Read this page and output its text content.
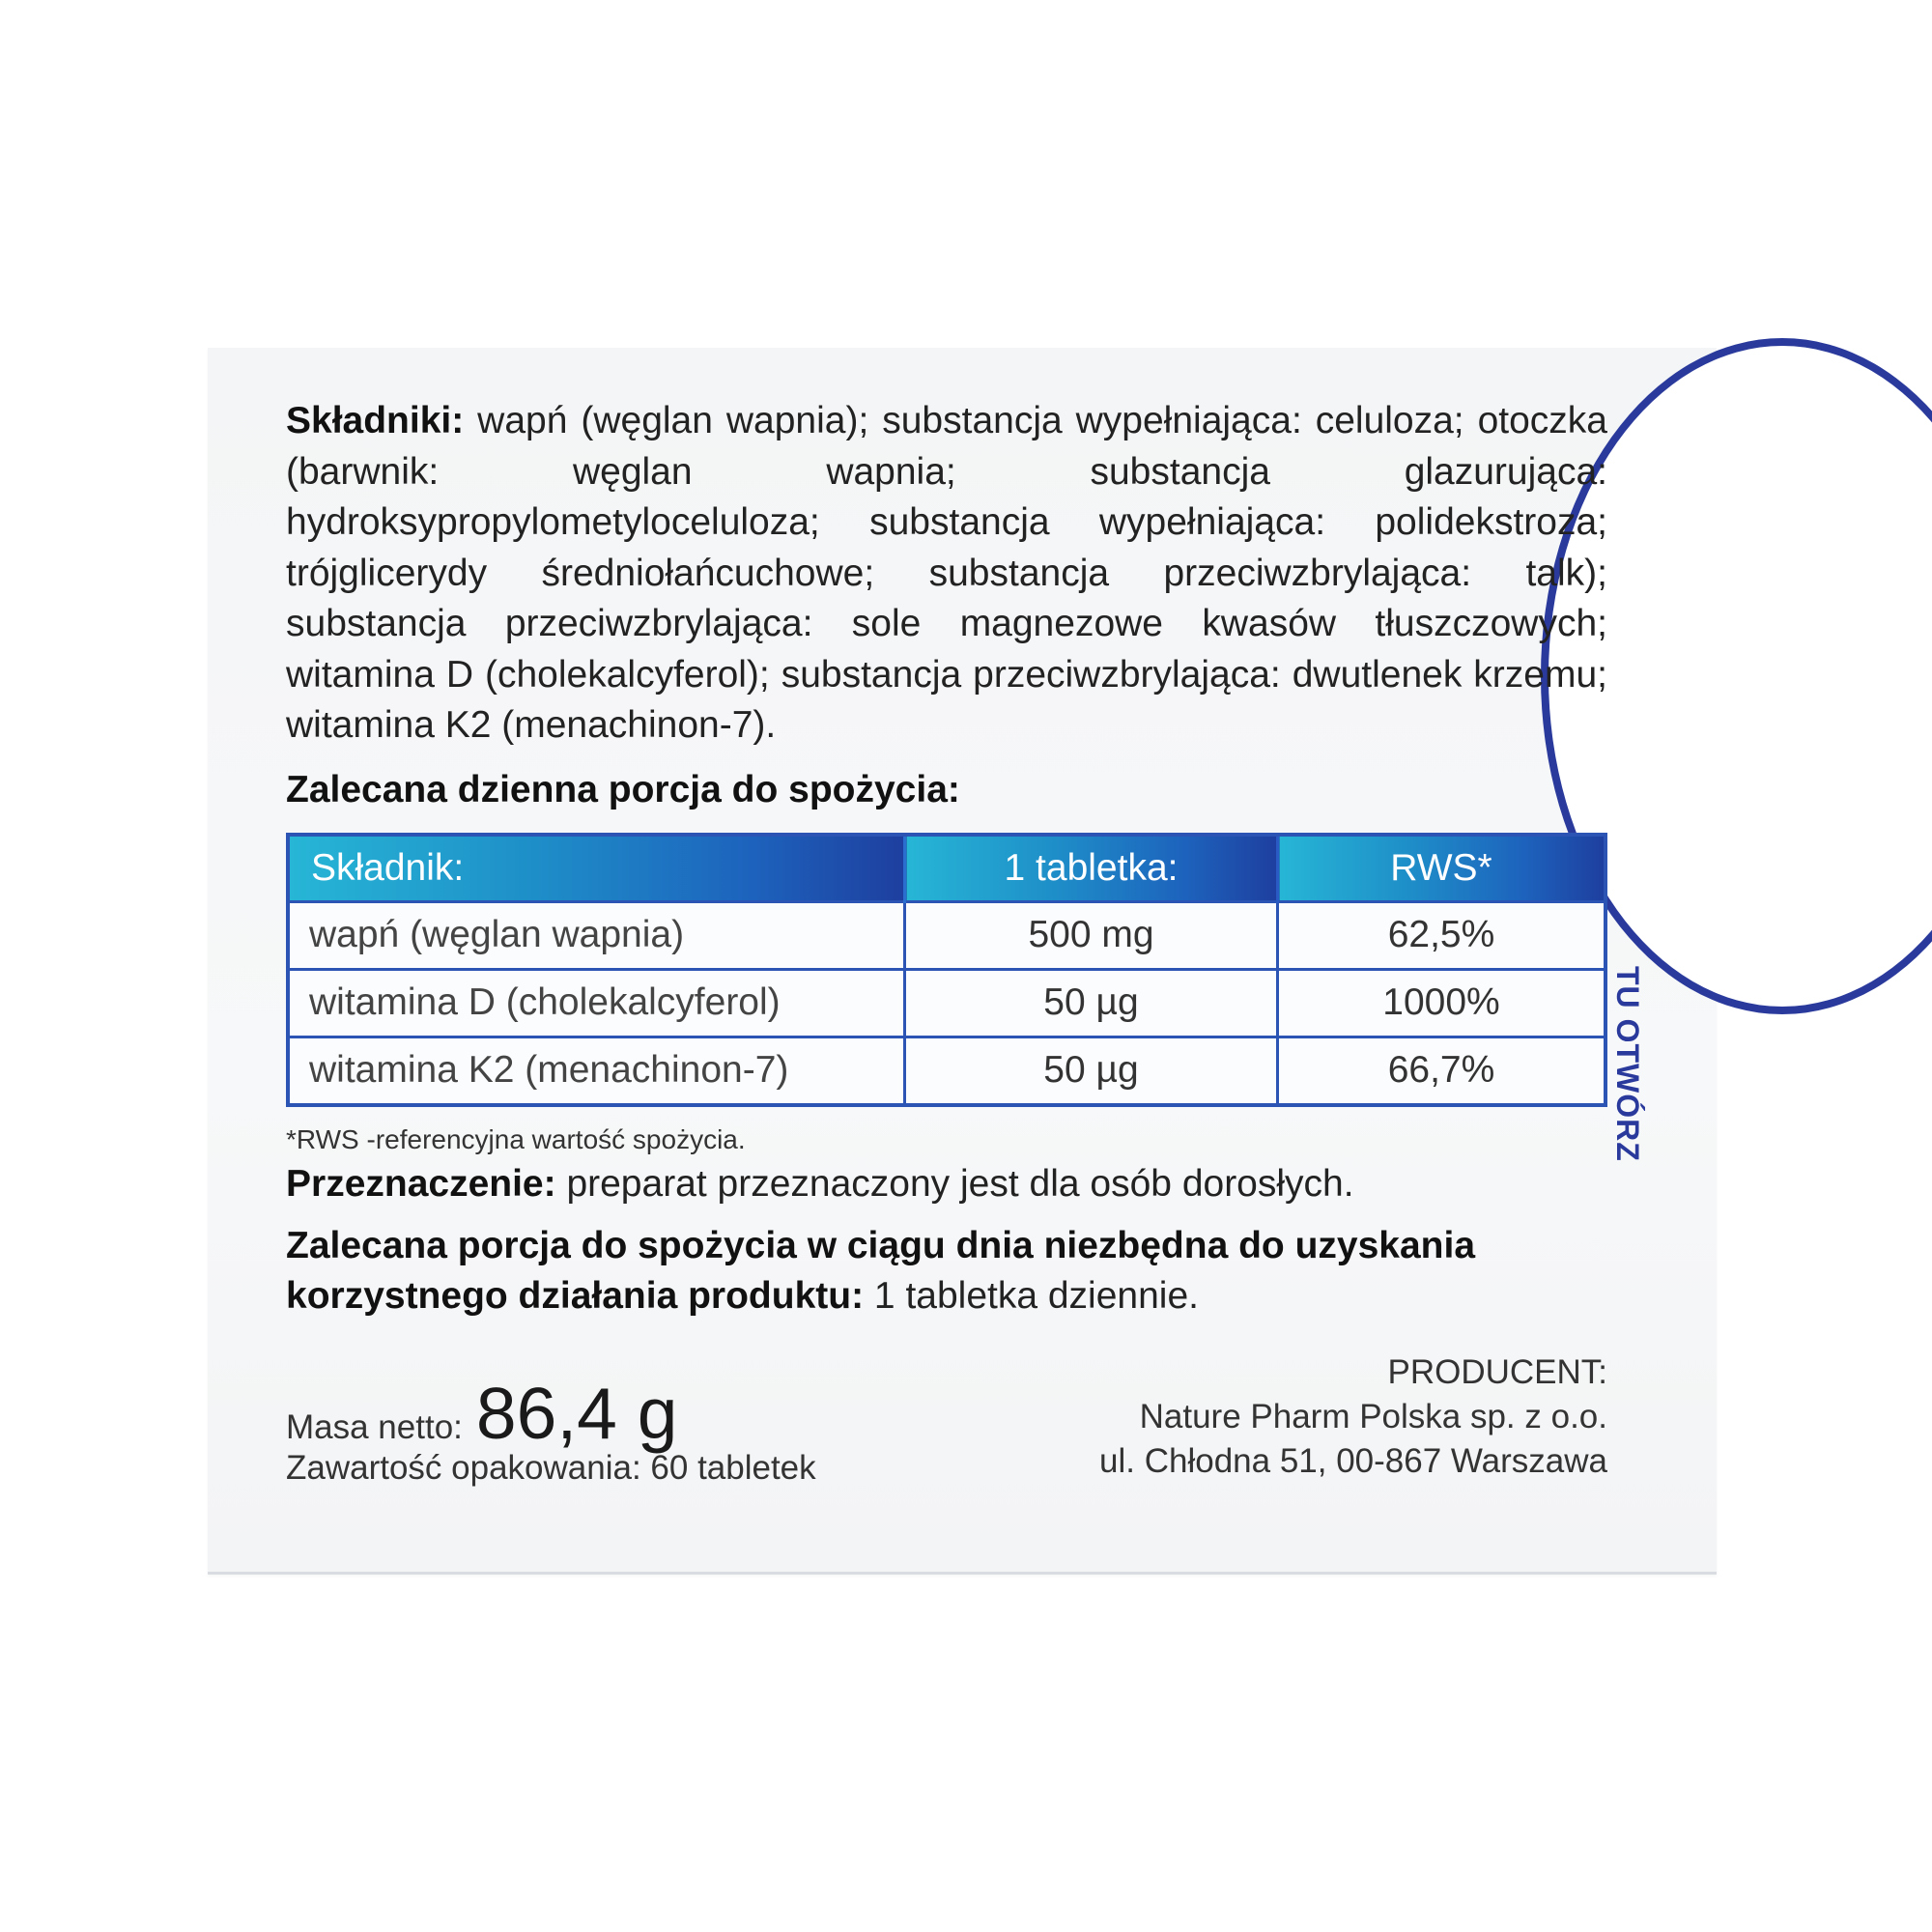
Składniki: wapń (węglan wapnia); substancja wypełniająca: celuloza; otoczka (barwnik: węglan wapnia; substancja glazurująca: hydroksypropylometyloceluloza; substancja wypełniająca: polidekstroza; trójglicerydy średniołańcuchowe; substancja przeciwzbrylająca: talk); substancja przeciwzbrylająca: sole magnezowe kwasów tłuszczowych; witamina D (cholekalcyferol); substancja przeciwzbrylająca: dwutlenek krzemu; witamina K2 (menachinon-7).

Zalecana dzienna porcja do spożycia:
Składnik:	1 tabletka:	RWS*
wapń (węglan wapnia)	500 mg	62,5%
witamina D (cholekalcyferol)	50 µg	1000%
witamina K2 (menachinon-7)	50 µg	66,7%
*RWS -referencyjna wartość spożycia.
Przeznaczenie: preparat przeznaczony jest dla osób dorosłych.
Zalecana porcja do spożycia w ciągu dnia niezbędna do uzyskania korzystnego działania produktu: 1 tabletka dziennie.
Masa netto: 86,4 g
Zawartość opakowania: 60 tabletek
PRODUCENT:
Nature Pharm Polska sp. z o.o.
ul. Chłodna 51, 00-867 Warszawa
